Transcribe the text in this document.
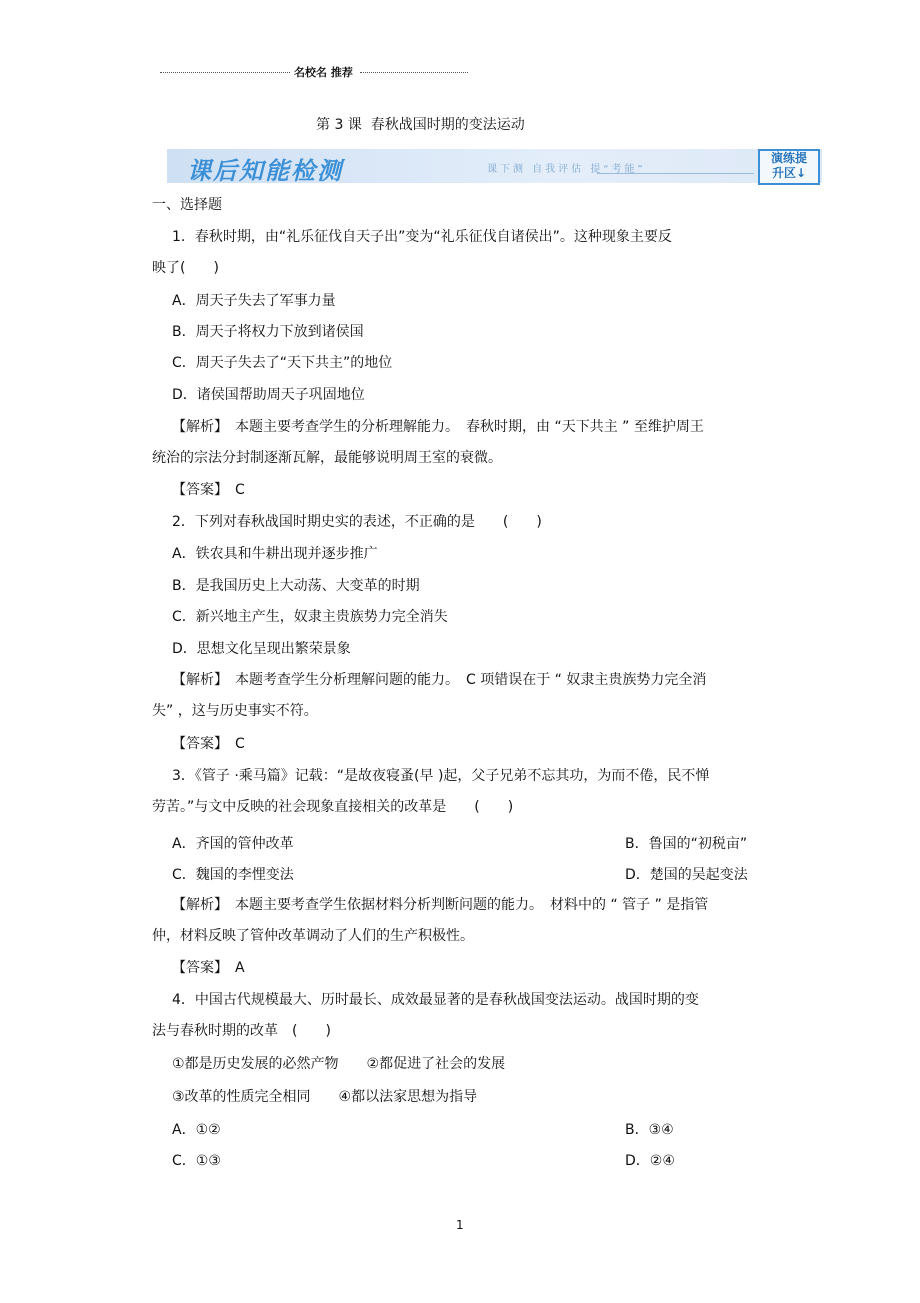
名校名 推荐
第 3 课  春秋战国时期的变法运动
课后知能检测	课下测 自我评估 提“考能”
演练提
升区↓
一、选择题
1．春秋时期，由“礼乐征伐自天子出”变为“礼乐征伐自诸侯出”。这种现象主要反
映了(　　)
A．周天子失去了军事力量
B．周天子将权力下放到诸侯国
C．周天子失去了“天下共主”的地位
D．诸侯国帮助周天子巩固地位
【解析】　本题主要考查学生的分析理解能力。　春秋时期，由 “天下共主 ” 至维护周王
统治的宗法分封制逐渐瓦解，最能够说明周王室的衰微。
【答案】　C
2．下列对春秋战国时期史实的表述，不正确的是　　(　　)
A．铁农具和牛耕出现并逐步推广
B．是我国历史上大动荡、大变革的时期
C．新兴地主产生，奴隶主贵族势力完全消失
D．思想文化呈现出繁荣景象
【解析】　本题考查学生分析理解问题的能力。　C 项错误在于 “ 奴隶主贵族势力完全消
失” ，这与历史事实不符。
【答案】　C
3．《管子 ·乘马篇》记载：“是故夜寝蚤(早 )起，父子兄弟不忘其功，为而不倦，民不惮
劳苦。”与文中反映的社会现象直接相关的改革是　　(　　)
A．齐国的管仲改革	B．鲁国的“初税亩”
C．魏国的李悝变法	D．楚国的吴起变法
【解析】　本题主要考查学生依据材料分析判断问题的能力。　材料中的 “ 管子 ” 是指管
仲，材料反映了管仲改革调动了人们的生产积极性。
【答案】　A
4．中国古代规模最大、历时最长、成效最显著的是春秋战国变法运动。战国时期的变
法与春秋时期的改革　(　　)
①都是历史发展的必然产物　　②都促进了社会的发展
③改革的性质完全相同　　④都以法家思想为指导
A．①②	B．③④
C．①③	D．②④
1
